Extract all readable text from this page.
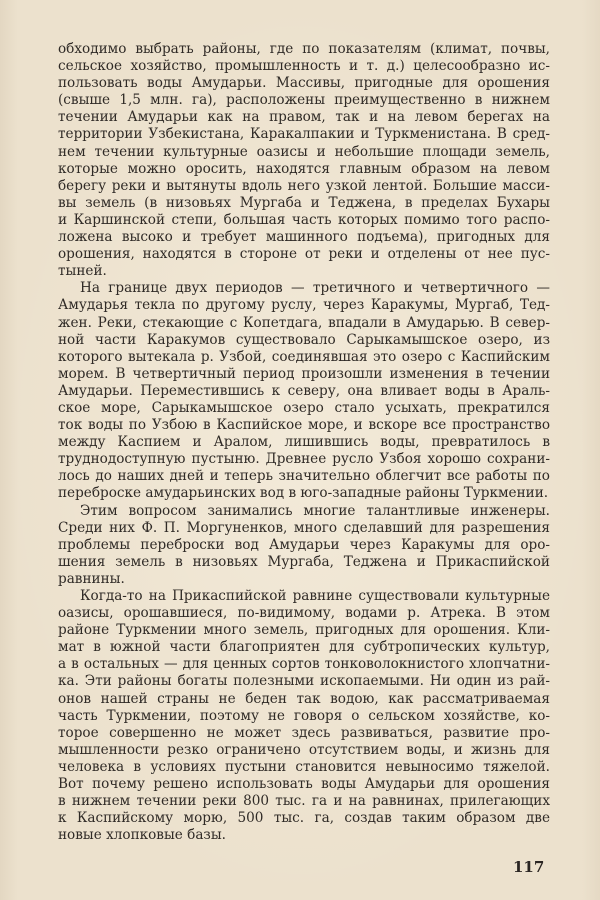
обходимо выбрать районы, где по показателям (климат, почвы,
сельское хозяйство, промышленность и т. д.) целесообразно ис-
пользовать воды Амударьи. Массивы, пригодные для орошения
(свыше 1,5 млн. га), расположены преимущественно в нижнем
течении Амударьи как на правом, так и на левом берегах на
территории Узбекистана, Каракалпакии и Туркменистана. В сред-
нем течении культурные оазисы и небольшие площади земель,
которые можно оросить, находятся главным образом на левом
берегу реки и вытянуты вдоль него узкой лентой. Большие масси-
вы земель (в низовьях Мургаба и Теджена, в пределах Бухары
и Каршинской степи, большая часть которых помимо того распо-
ложена высоко и требует машинного подъема), пригодных для
орошения, находятся в стороне от реки и отделены от нее пус-
тыней.
На границе двух периодов — третичного и четвертичного —
Амударья текла по другому руслу, через Каракумы, Мургаб, Тед-
жен. Реки, стекающие с Копетдага, впадали в Амударью. В север-
ной части Каракумов существовало Сарыкамышское озеро, из
которого вытекала р. Узбой, соединявшая это озеро с Каспийским
морем. В четвертичный период произошли изменения в течении
Амударьи. Переместившись к северу, она вливает воды в Араль-
ское море, Сарыкамышское озеро стало усыхать, прекратился
ток воды по Узбою в Каспийское море, и вскоре все пространство
между Каспием и Аралом, лишившись воды, превратилось в
труднодоступную пустыню. Древнее русло Узбоя хорошо сохрани-
лось до наших дней и теперь значительно облегчит все работы по
переброске амударьинских вод в юго-западные районы Туркмении.
Этим вопросом занимались многие талантливые инженеры.
Среди них Ф. П. Моргуненков, много сделавший для разрешения
проблемы переброски вод Амударьи через Каракумы для оро-
шения земель в низовьях Мургаба, Теджена и Прикаспийской
равнины.
Когда-то на Прикаспийской равнине существовали культурные
оазисы, орошавшиеся, по-видимому, водами р. Атрека. В этом
районе Туркмении много земель, пригодных для орошения. Кли-
мат в южной части благоприятен для субтропических культур,
а в остальных — для ценных сортов тонковолокнистого хлопчатни-
ка. Эти районы богаты полезными ископаемыми. Ни один из рай-
онов нашей страны не беден так водою, как рассматриваемая
часть Туркмении, поэтому не говоря о сельском хозяйстве, ко-
торое совершенно не может здесь развиваться, развитие про-
мышленности резко ограничено отсутствием воды, и жизнь для
человека в условиях пустыни становится невыносимо тяжелой.
Вот почему решено использовать воды Амударьи для орошения
в нижнем течении реки 800 тыс. га и на равнинах, прилегающих
к Каспийскому морю, 500 тыс. га, создав таким образом две
новые хлопковые базы.
117
